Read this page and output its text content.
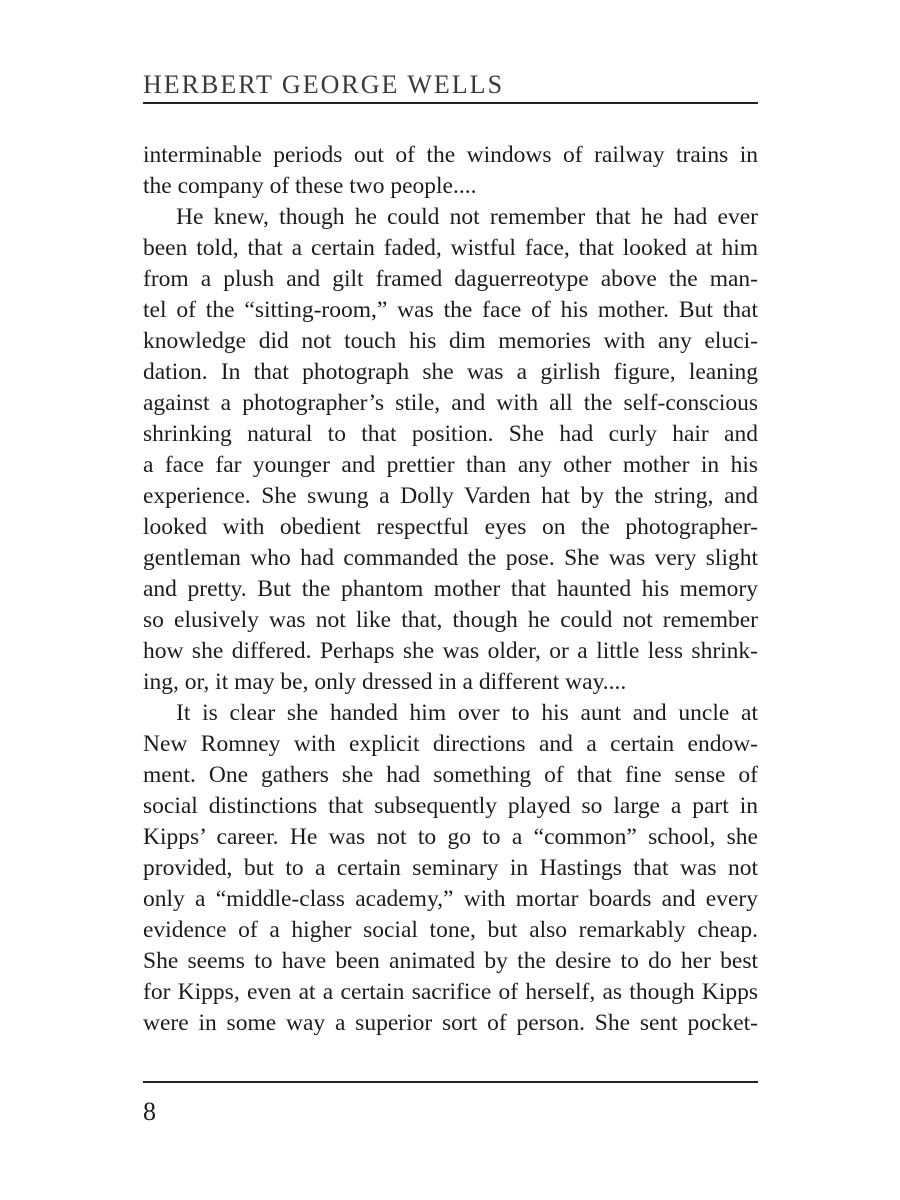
HERBERT GEORGE WELLS
interminable periods out of the windows of railway trains in
the company of these two people....
He knew, though he could not remember that he had ever
been told, that a certain faded, wistful face, that looked at him
from a plush and gilt framed daguerreotype above the man-
tel of the “sitting-room,” was the face of his mother. But that
knowledge did not touch his dim memories with any eluci-
dation. In that photograph she was a girlish figure, leaning
against a photographer’s stile, and with all the self-conscious
shrinking natural to that position. She had curly hair and
a face far younger and prettier than any other mother in his
experience. She swung a Dolly Varden hat by the string, and
looked with obedient respectful eyes on the photographer-
gentleman who had commanded the pose. She was very slight
and pretty. But the phantom mother that haunted his memory
so elusively was not like that, though he could not remember
how she differed. Perhaps she was older, or a little less shrink-
ing, or, it may be, only dressed in a different way....
It is clear she handed him over to his aunt and uncle at
New Romney with explicit directions and a certain endow-
ment. One gathers she had something of that fine sense of
social distinctions that subsequently played so large a part in
Kipps’ career. He was not to go to a “common” school, she
provided, but to a certain seminary in Hastings that was not
only a “middle-class academy,” with mortar boards and every
evidence of a higher social tone, but also remarkably cheap.
She seems to have been animated by the desire to do her best
for Kipps, even at a certain sacrifice of herself, as though Kipps
were in some way a superior sort of person. She sent pocket-
8
